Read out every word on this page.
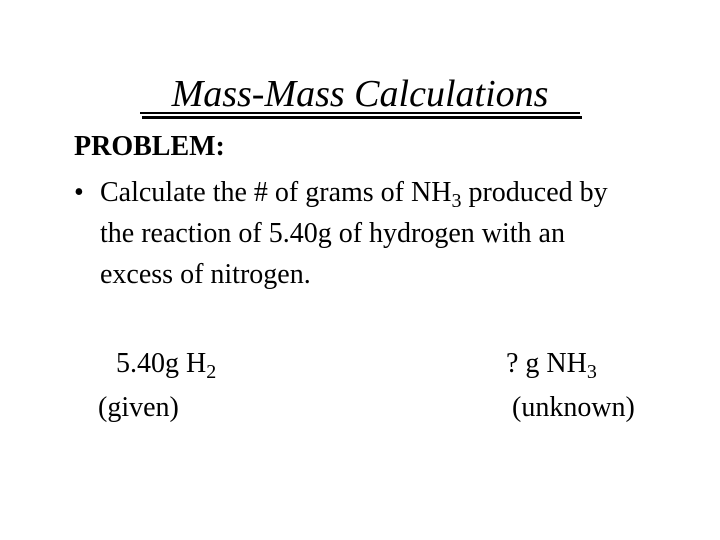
Mass-Mass Calculations
PROBLEM:
• Calculate the # of grams of $NH_3$ produced by
the reaction of 5.40g of hydrogen with an
excess of nitrogen.
5.40g $H_2$
(given)
? g $NH_3$
(unknown)
